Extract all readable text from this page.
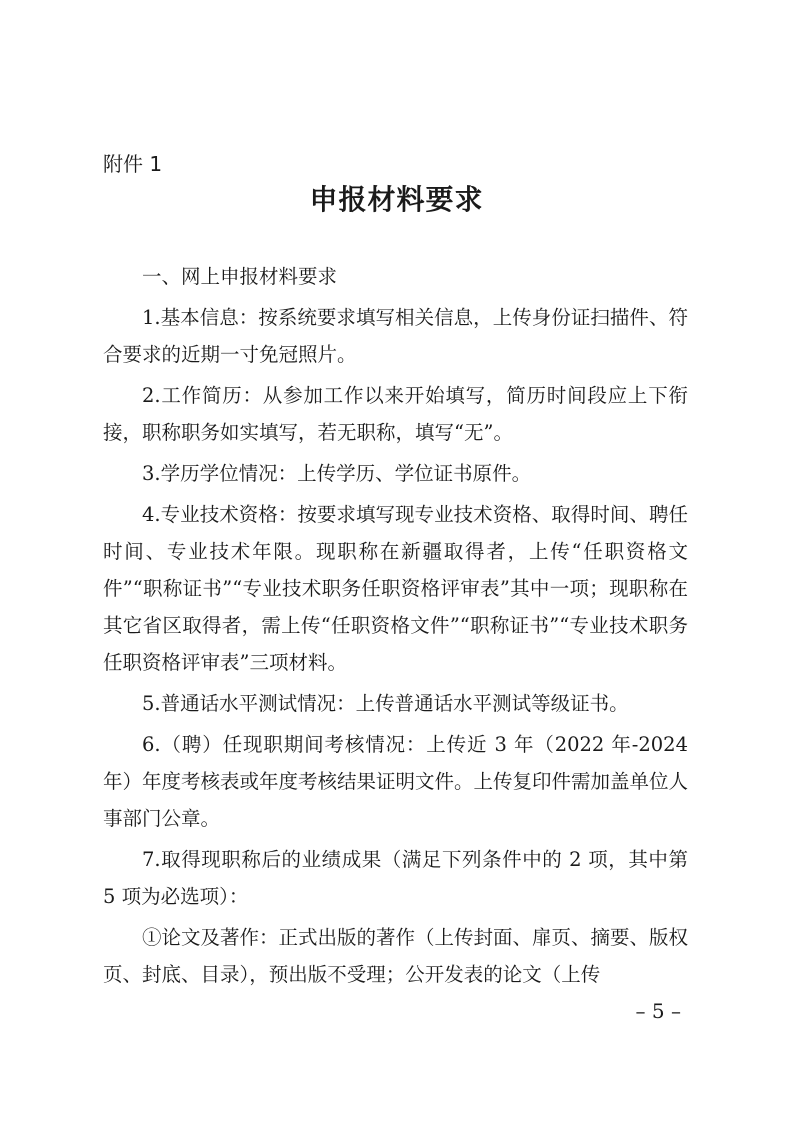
附件 1
申报材料要求

一、网上申报材料要求

1.基本信息：按系统要求填写相关信息，上传身份证扫描件、符合要求的近期一寸免冠照片。

2.工作简历：从参加工作以来开始填写，简历时间段应上下衔接，职称职务如实填写，若无职称，填写“无”。

3.学历学位情况：上传学历、学位证书原件。

4.专业技术资格：按要求填写现专业技术资格、取得时间、聘任时间、专业技术年限。现职称在新疆取得者，上传“任职资格文件”“职称证书”“专业技术职务任职资格评审表”其中一项；现职称在其它省区取得者，需上传“任职资格文件”“职称证书”“专业技术职务任职资格评审表”三项材料。

5.普通话水平测试情况：上传普通话水平测试等级证书。

6.（聘）任现职期间考核情况：上传近 3 年（2022 年-2024 年）年度考核表或年度考核结果证明文件。上传复印件需加盖单位人事部门公章。

7.取得现职称后的业绩成果（满足下列条件中的 2 项，其中第 5 项为必选项）：

①论文及著作：正式出版的著作（上传封面、扉页、摘要、版权页、封底、目录），预出版不受理；公开发表的论文（上传

– 5 –
